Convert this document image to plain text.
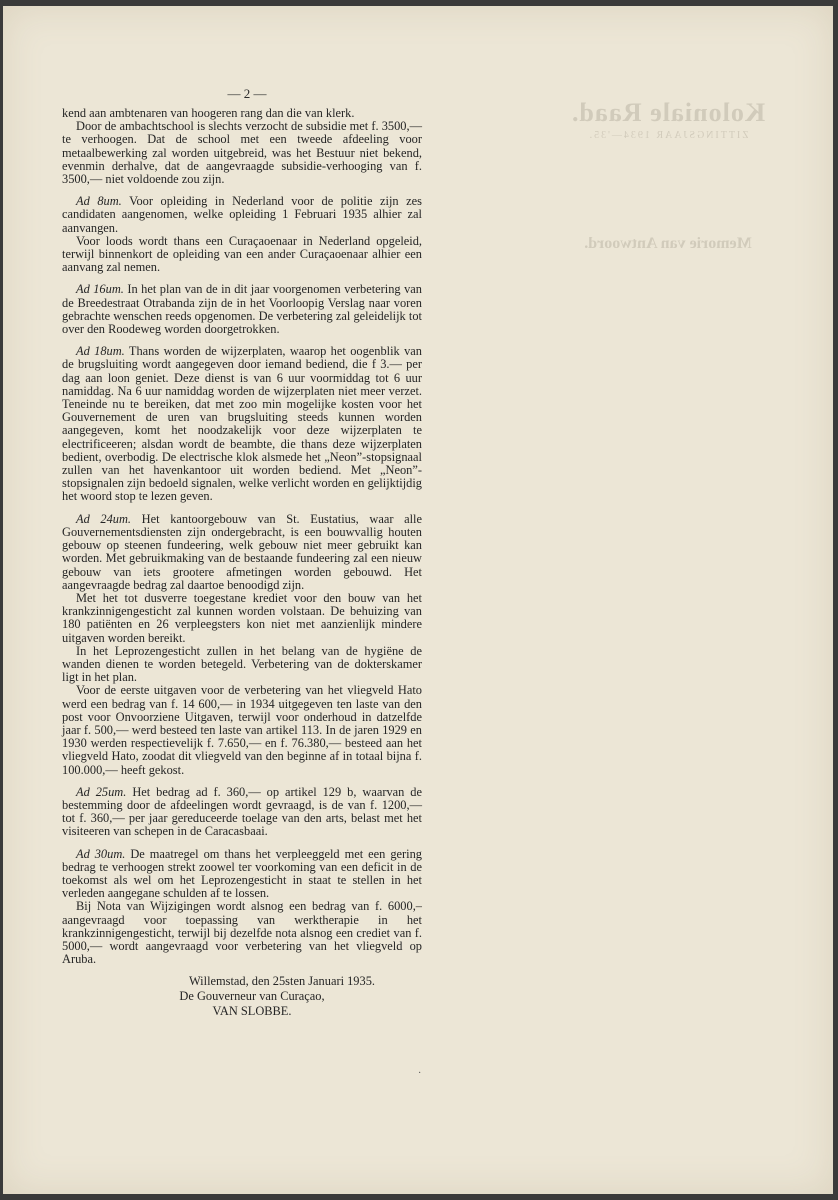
Koloniale Raad.
ZITTINGSJAAR 1934—'35.
Memorie van Antwoord.
— 2 —

kend aan ambtenaren van hoogeren rang dan die van klerk.

Door de ambachtschool is slechts verzocht de subsidie met f. 3500,— te verhoogen. Dat de school met een tweede afdeeling voor metaalbewerking zal worden uitgebreid, was het Bestuur niet bekend, evenmin derhalve, dat de aangevraagde subsidie-verhooging van f. 3500,— niet voldoende zou zijn.

Ad 8um. Voor opleiding in Nederland voor de politie zijn zes candidaten aangenomen, welke opleiding 1 Februari 1935 alhier zal aanvangen.

Voor loods wordt thans een Curaçaoenaar in Nederland opgeleid, terwijl binnenkort de opleiding van een ander Curaçaoenaar alhier een aanvang zal nemen.

Ad 16um. In het plan van de in dit jaar voorgenomen verbetering van de Breedestraat Otrabanda zijn de in het Voorloopig Verslag naar voren gebrachte wenschen reeds opgenomen. De verbetering zal geleidelijk tot over den Roodeweg worden doorgetrokken.

Ad 18um. Thans worden de wijzerplaten, waarop het oogenblik van de brugsluiting wordt aangegeven door iemand bediend, die f 3.— per dag aan loon geniet. Deze dienst is van 6 uur voormiddag tot 6 uur namiddag. Na 6 uur namiddag worden de wijzerplaten niet meer verzet. Teneinde nu te bereiken, dat met zoo min mogelijke kosten voor het Gouvernement de uren van brugsluiting steeds kunnen worden aangegeven, komt het noodzakelijk voor deze wijzerplaten te electrificeeren; alsdan wordt de beambte, die thans deze wijzerplaten bedient, overbodig. De electrische klok alsmede het „Neon”-stopsignaal zullen van het havenkantoor uit worden bediend. Met „Neon”-stopsignalen zijn bedoeld signalen, welke verlicht worden en gelijktijdig het woord stop te lezen geven.

Ad 24um. Het kantoorgebouw van St. Eustatius, waar alle Gouvernementsdiensten zijn ondergebracht, is een bouwvallig houten gebouw op steenen fundeering, welk gebouw niet meer gebruikt kan worden. Met gebruikmaking van de bestaande fundeering zal een nieuw gebouw van iets grootere afmetingen worden gebouwd. Het aangevraagde bedrag zal daartoe benoodigd zijn.

Met het tot dusverre toegestane krediet voor den bouw van het krankzinnigengesticht zal kunnen worden volstaan. De behuizing van 180 patiënten en 26 verpleegsters kon niet met aanzienlijk mindere uitgaven worden bereikt.

In het Leprozengesticht zullen in het belang van de hygiëne de wanden dienen te worden betegeld. Verbetering van de dokterskamer ligt in het plan.

Voor de eerste uitgaven voor de verbetering van het vliegveld Hato werd een bedrag van f. 14 600,— in 1934 uitgegeven ten laste van den post voor Onvoorziene Uitgaven, terwijl voor onderhoud in datzelfde jaar f. 500,— werd besteed ten laste van artikel 113. In de jaren 1929 en 1930 werden respectievelijk f. 7.650,— en f. 76.380,— besteed aan het vliegveld Hato, zoodat dit vliegveld van den beginne af in totaal bijna f. 100.000,— heeft gekost.

Ad 25um. Het bedrag ad f. 360,— op artikel 129 b, waarvan de bestemming door de afdeelingen wordt gevraagd, is de van f. 1200,— tot f. 360,— per jaar gereduceerde toelage van den arts, belast met het visiteeren van schepen in de Caracasbaai.

Ad 30um. De maatregel om thans het verpleeggeld met een gering bedrag te verhoogen strekt zoowel ter voorkoming van een deficit in de toekomst als wel om het Leprozengesticht in staat te stellen in het verleden aangegane schulden af te lossen.

Bij Nota van Wijzigingen wordt alsnog een bedrag van f. 6000,– aangevraagd voor toepassing van werktherapie in het krankzinnigengesticht, terwijl bij dezelfde nota alsnog een crediet van f. 5000,— wordt aangevraagd voor verbetering van het vliegveld op Aruba.

Willemstad, den 25sten Januari 1935.
De Gouverneur van Curaçao,
VAN SLOBBE.
·
